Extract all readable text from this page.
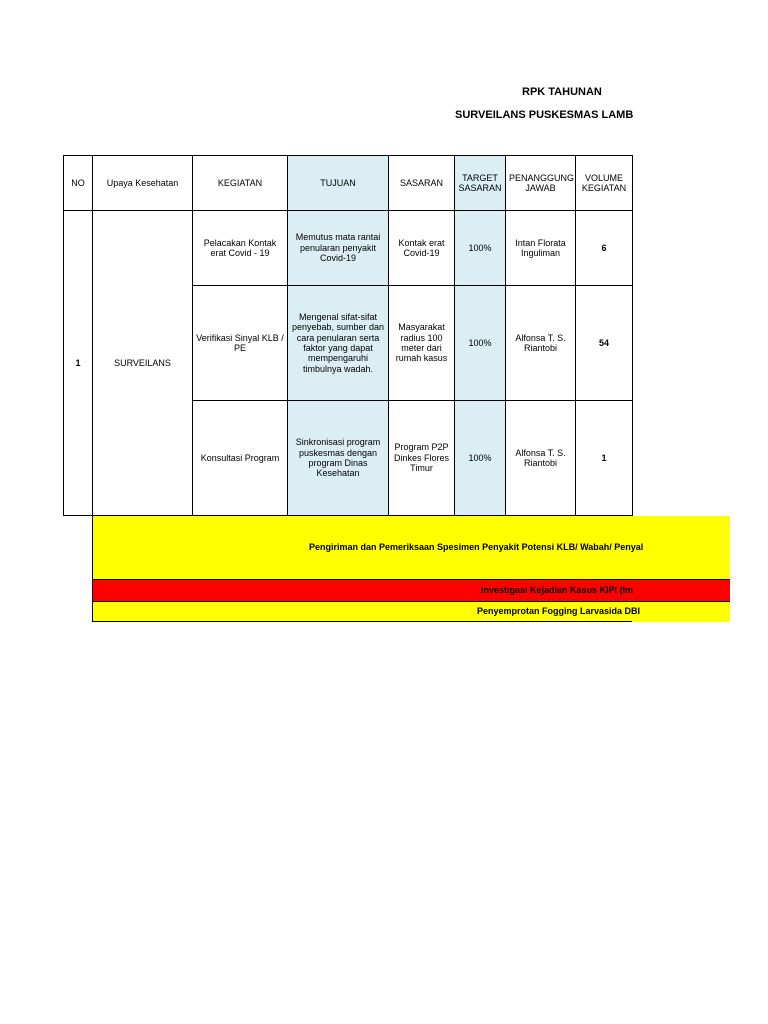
RPK TAHUNAN
SURVEILANS PUSKESMAS LAMB
NO	Upaya Kesehatan	KEGIATAN	TUJUAN	SASARAN	TARGET SASARAN	PENANGGUNG JAWAB	VOLUME KEGIATAN
1	SURVEILANS	Pelacakan Kontak erat Covid - 19	Memutus mata rantai penularan penyakit Covid-19	Kontak erat Covid-19	100%	Intan Florata Inguliman	6
		Verifikasi Sinyal KLB / PE	Mengenal sifat-sifat penyebab, sumber dan cara penularan serta faktor yang dapat mempengaruhi timbulnya wadah.	Masyarakat radius 100 meter dari rumah kasus	100%	Alfonsa T. S. Riantobi	54
		Konsultasi Program	Sinkronisasi program puskesmas dengan program Dinas Kesehatan	Program P2P Dinkes Flores Timur	100%	Alfonsa T. S. Riantobi	1
Pengiriman dan Pemeriksaan Spesimen Penyakit Potensi KLB/ Wabah/ Penyal
Investigasi Kejadian Kasus KIPI (Im
Penyemprotan Fogging Larvasida DBI
